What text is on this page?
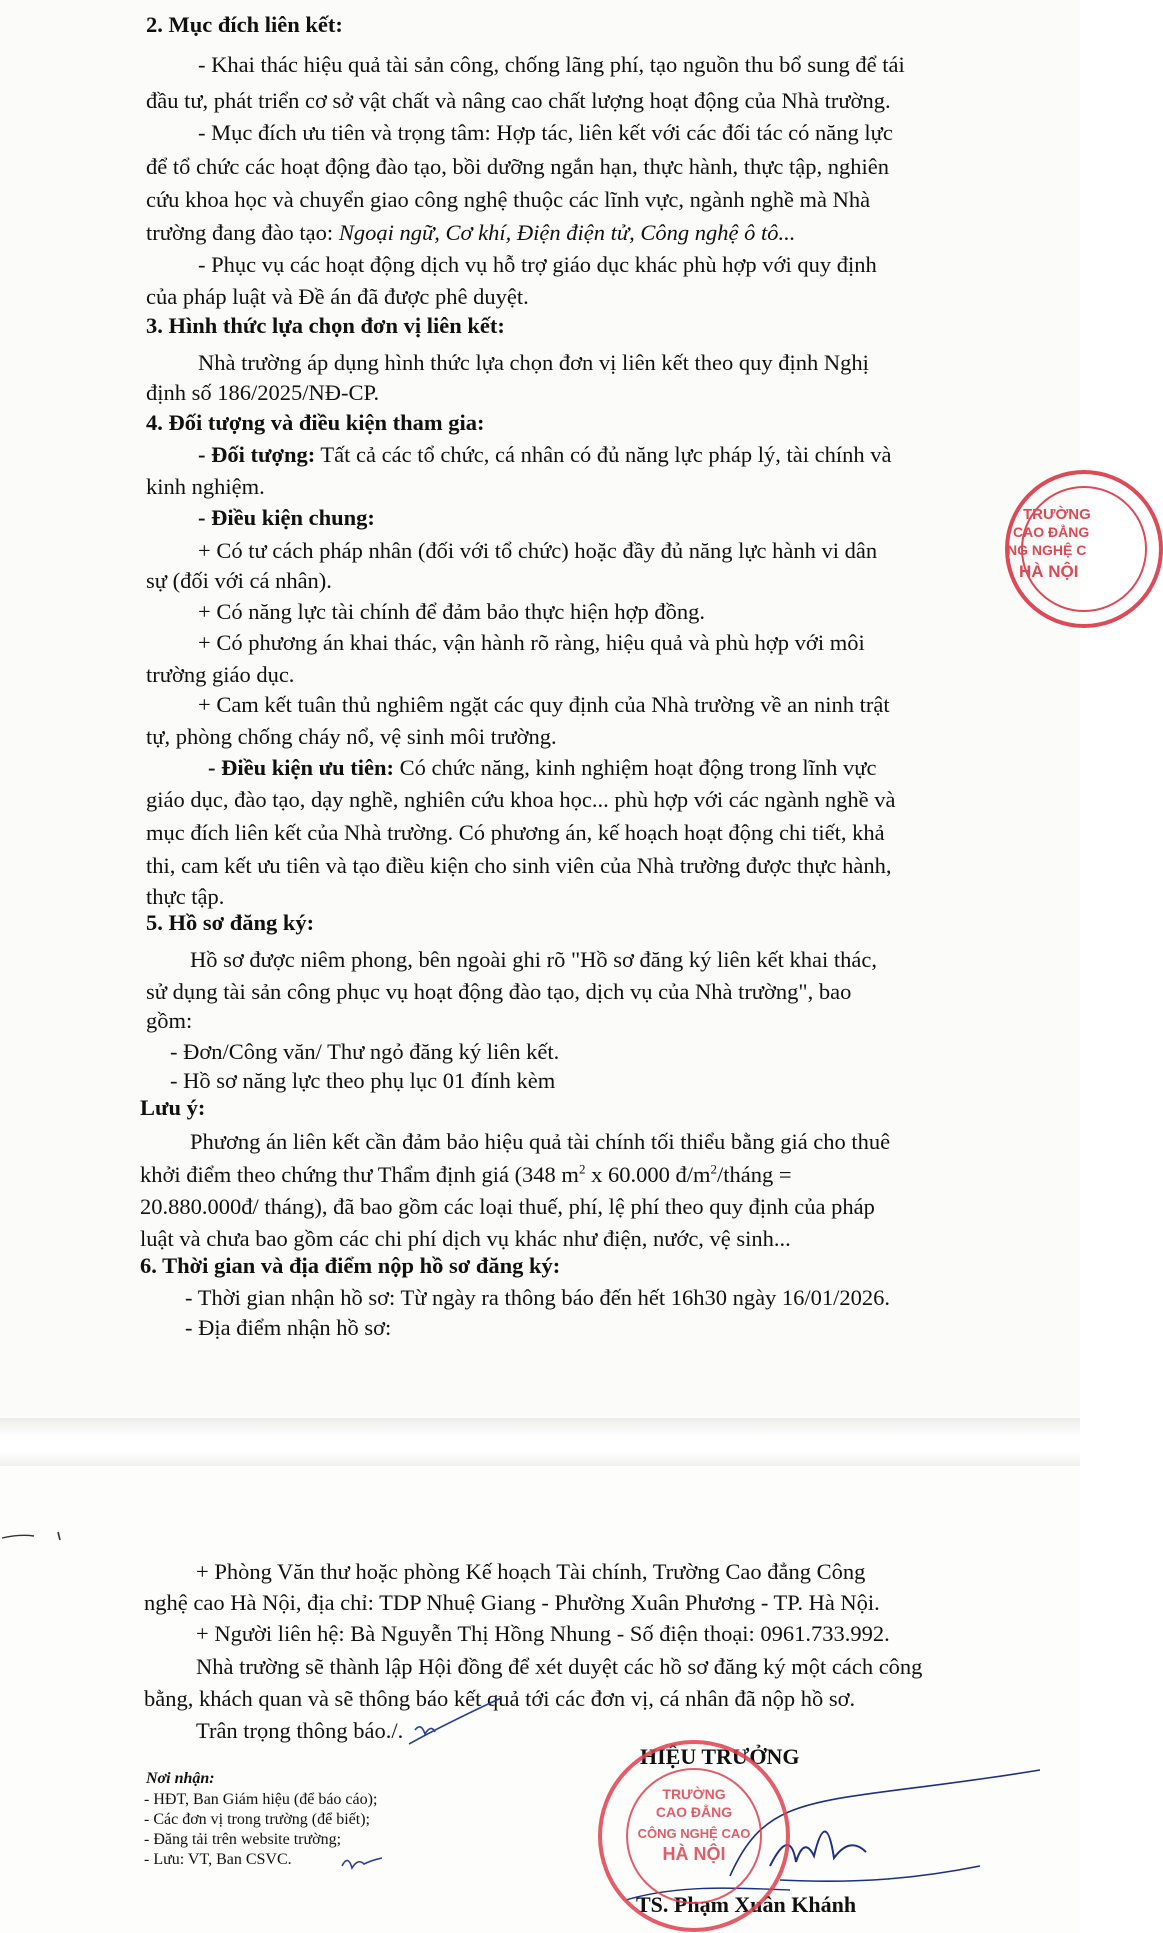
2. Mục đích liên kết:
- Khai thác hiệu quả tài sản công, chống lãng phí, tạo nguồn thu bổ sung để tái
đầu tư, phát triển cơ sở vật chất và nâng cao chất lượng hoạt động của Nhà trường.
- Mục đích ưu tiên và trọng tâm: Hợp tác, liên kết với các đối tác có năng lực
để tổ chức các hoạt động đào tạo, bồi dưỡng ngắn hạn, thực hành, thực tập, nghiên
cứu khoa học và chuyển giao công nghệ thuộc các lĩnh vực, ngành nghề mà Nhà
trường đang đào tạo: Ngoại ngữ, Cơ khí, Điện điện tử, Công nghệ ô tô...
- Phục vụ các hoạt động dịch vụ hỗ trợ giáo dục khác phù hợp với quy định
của pháp luật và Đề án đã được phê duyệt.
3. Hình thức lựa chọn đơn vị liên kết:
Nhà trường áp dụng hình thức lựa chọn đơn vị liên kết theo quy định Nghị
định số 186/2025/NĐ-CP.
4. Đối tượng và điều kiện tham gia:
- Đối tượng: Tất cả các tổ chức, cá nhân có đủ năng lực pháp lý, tài chính và
kinh nghiệm.
- Điều kiện chung:
+ Có tư cách pháp nhân (đối với tổ chức) hoặc đầy đủ năng lực hành vi dân
sự (đối với cá nhân).
+ Có năng lực tài chính để đảm bảo thực hiện hợp đồng.
+ Có phương án khai thác, vận hành rõ ràng, hiệu quả và phù hợp với môi
trường giáo dục.
+ Cam kết tuân thủ nghiêm ngặt các quy định của Nhà trường về an ninh trật
tự, phòng chống cháy nổ, vệ sinh môi trường.
- Điều kiện ưu tiên: Có chức năng, kinh nghiệm hoạt động trong lĩnh vực
giáo dục, đào tạo, dạy nghề, nghiên cứu khoa học... phù hợp với các ngành nghề và
mục đích liên kết của Nhà trường. Có phương án, kế hoạch hoạt động chi tiết, khả
thi, cam kết ưu tiên và tạo điều kiện cho sinh viên của Nhà trường được thực hành,
thực tập.
5. Hồ sơ đăng ký:
Hồ sơ được niêm phong, bên ngoài ghi rõ "Hồ sơ đăng ký liên kết khai thác,
sử dụng tài sản công phục vụ hoạt động đào tạo, dịch vụ của Nhà trường", bao
gồm:
- Đơn/Công văn/ Thư ngỏ đăng ký liên kết.
- Hồ sơ năng lực theo phụ lục 01 đính kèm
Lưu ý:
Phương án liên kết cần đảm bảo hiệu quả tài chính tối thiểu bằng giá cho thuê
khởi điểm theo chứng thư Thẩm định giá (348 $m^2$ x 60.000 $đ/m^2$/tháng =
20.880.000đ/ tháng), đã bao gồm các loại thuế, phí, lệ phí theo quy định của pháp
luật và chưa bao gồm các chi phí dịch vụ khác như điện, nước, vệ sinh...
6. Thời gian và địa điểm nộp hồ sơ đăng ký:
- Thời gian nhận hồ sơ: Từ ngày ra thông báo đến hết 16h30 ngày 16/01/2026.
- Địa điểm nhận hồ sơ:
TRƯỜNG
CAO ĐẲNG
NG NGHỆ C
HÀ NỘI
+ Phòng Văn thư hoặc phòng Kế hoạch Tài chính, Trường Cao đẳng Công
nghệ cao Hà Nội, địa chỉ: TDP Nhuệ Giang - Phường Xuân Phương - TP. Hà Nội.
+ Người liên hệ: Bà Nguyễn Thị Hồng Nhung - Số điện thoại: 0961.733.992.
Nhà trường sẽ thành lập Hội đồng để xét duyệt các hồ sơ đăng ký một cách công
bằng, khách quan và sẽ thông báo kết quả tới các đơn vị, cá nhân đã nộp hồ sơ.
Trân trọng thông báo./.
HIỆU TRƯỞNG
Nơi nhận:
- HĐT, Ban Giám hiệu (để báo cáo);
- Các đơn vị trong trường (để biết);
- Đăng tải trên website trường;
- Lưu: VT, Ban CSVC.
TS. Phạm Xuân Khánh
TRƯỜNG
CAO ĐẲNG
CÔNG NGHỆ CAO
HÀ NỘI
